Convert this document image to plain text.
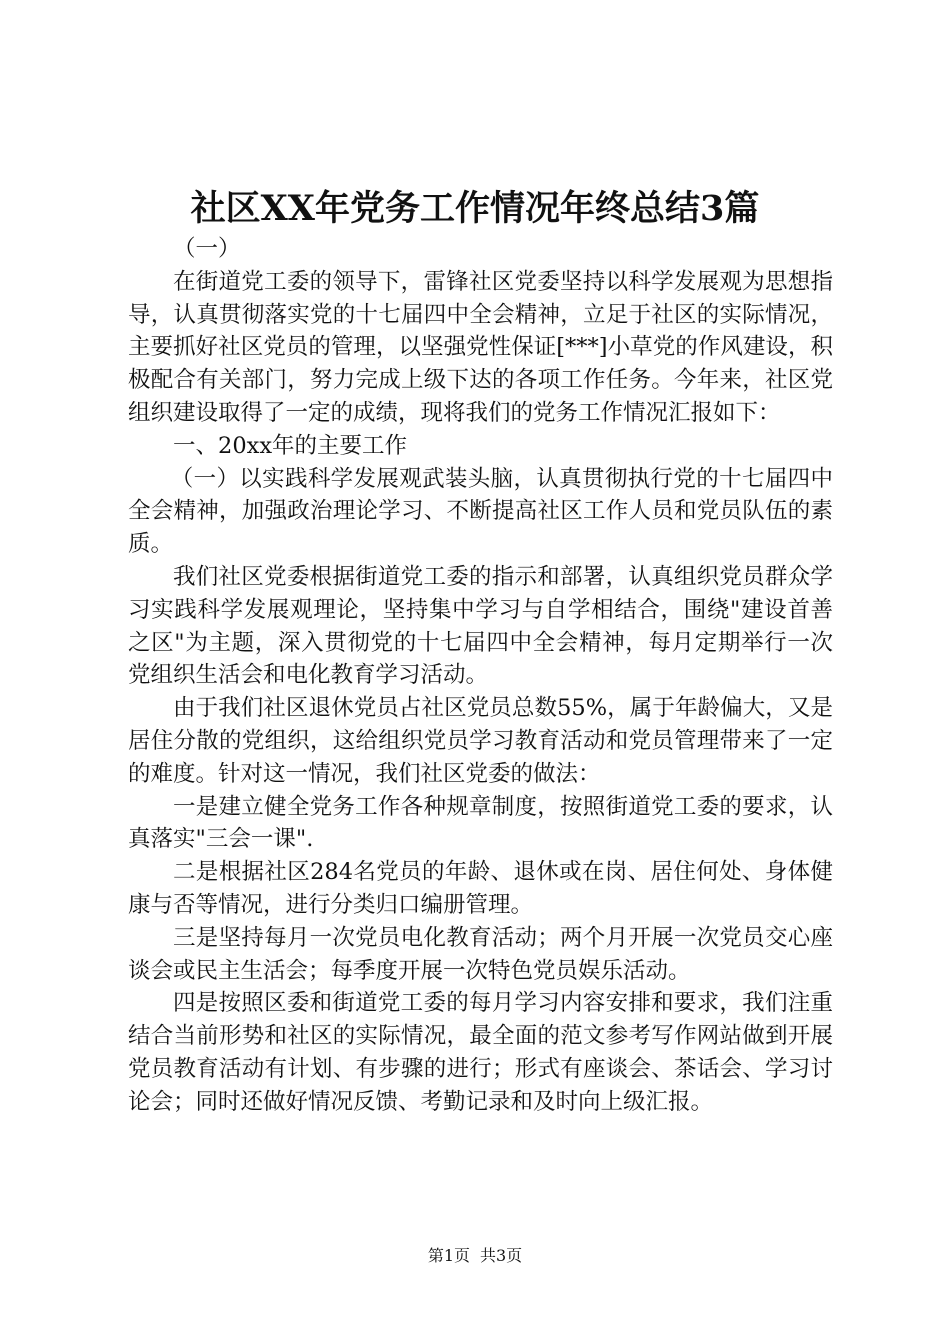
社区XX年党务工作情况年终总结3篇

（一）

在街道党工委的领导下，雷锋社区党委坚持以科学发展观为思想指导，认真贯彻落实党的十七届四中全会精神，立足于社区的实际情况，主要抓好社区党员的管理，以坚强党性保证[***]小草党的作风建设，积极配合有关部门，努力完成上级下达的各项工作任务。今年来，社区党组织建设取得了一定的成绩，现将我们的党务工作情况汇报如下：

一、20xx年的主要工作

（一）以实践科学发展观武装头脑，认真贯彻执行党的十七届四中全会精神，加强政治理论学习、不断提高社区工作人员和党员队伍的素质。

我们社区党委根据街道党工委的指示和部署，认真组织党员群众学习实践科学发展观理论，坚持集中学习与自学相结合，围绕"建设首善之区"为主题，深入贯彻党的十七届四中全会精神，每月定期举行一次党组织生活会和电化教育学习活动。

由于我们社区退休党员占社区党员总数55%，属于年龄偏大，又是居住分散的党组织，这给组织党员学习教育活动和党员管理带来了一定的难度。针对这一情况，我们社区党委的做法：

一是建立健全党务工作各种规章制度，按照街道党工委的要求，认真落实"三会一课".

二是根据社区284名党员的年龄、退休或在岗、居住何处、身体健康与否等情况，进行分类归口编册管理。

三是坚持每月一次党员电化教育活动；两个月开展一次党员交心座谈会或民主生活会；每季度开展一次特色党员娱乐活动。

四是按照区委和街道党工委的每月学习内容安排和要求，我们注重结合当前形势和社区的实际情况，最全面的范文参考写作网站做到开展党员教育活动有计划、有步骤的进行；形式有座谈会、茶话会、学习讨论会；同时还做好情况反馈、考勤记录和及时向上级汇报。

第1页 共3页
